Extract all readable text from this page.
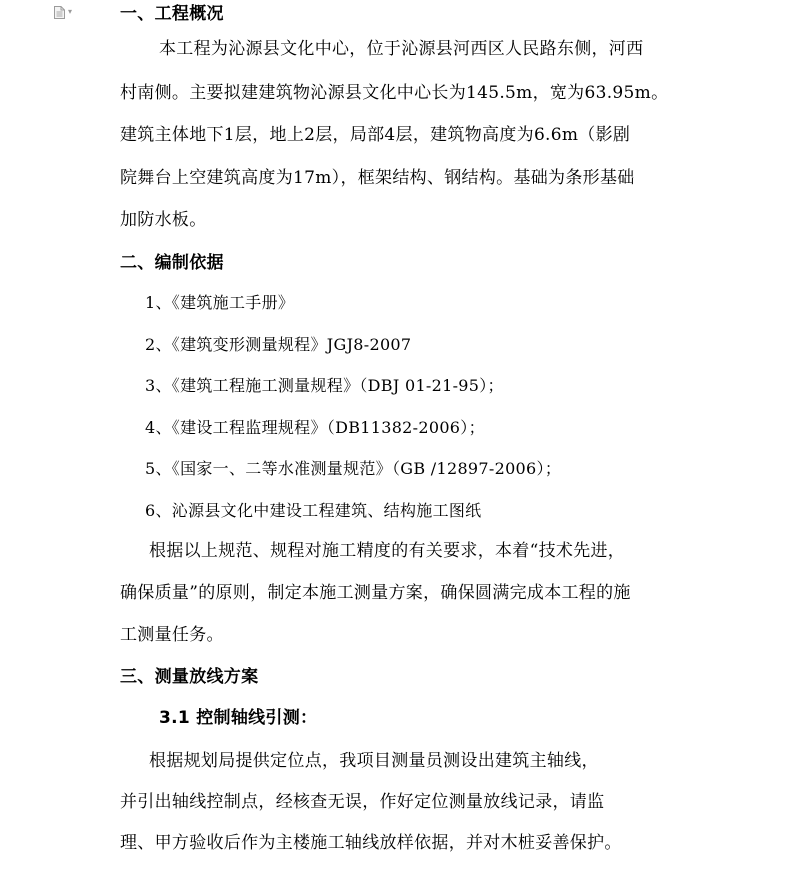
▾	一、工程概况
本工程为沁源县文化中心，位于沁源县河西区人民路东侧，河西
村南侧。主要拟建建筑物沁源县文化中心长为145.5m，宽为63.95m。
建筑主体地下1层，地上2层，局部4层，建筑物高度为6.6m（影剧
院舞台上空建筑高度为17m），框架结构、钢结构。基础为条形基础
加防水板。
二、编制依据
1、《建筑施工手册》
2、《建筑变形测量规程》JGJ8-2007
3、《建筑工程施工测量规程》（DBJ 01-21-95）；
4、《建设工程监理规程》（DB11382-2006）；
5、《国家一、二等水准测量规范》（GB /12897-2006）；
6、沁源县文化中建设工程建筑、结构施工图纸
根据以上规范、规程对施工精度的有关要求，本着“技术先进，
确保质量”的原则，制定本施工测量方案，确保圆满完成本工程的施
工测量任务。
三、测量放线方案
3.1 控制轴线引测：
根据规划局提供定位点，我项目测量员测设出建筑主轴线，
并引出轴线控制点，经核查无误，作好定位测量放线记录，请监
理、甲方验收后作为主楼施工轴线放样依据，并对木桩妥善保护。
